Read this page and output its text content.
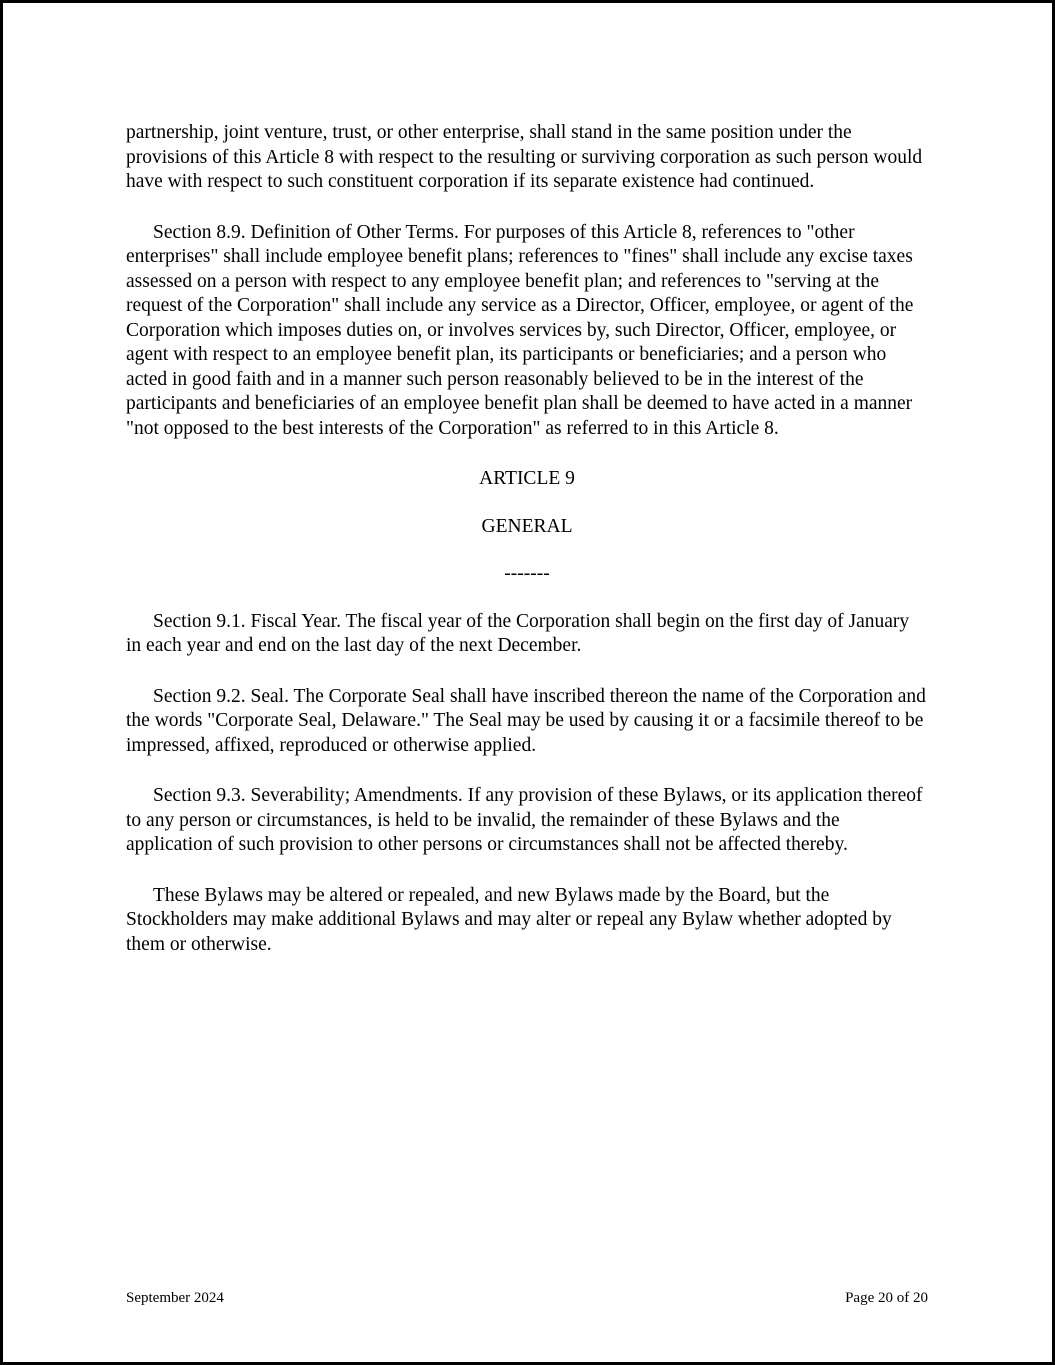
partnership, joint venture, trust, or other enterprise, shall stand in the same position under the provisions of this Article 8 with respect to the resulting or surviving corporation as such person would have with respect to such constituent corporation if its separate existence had continued.

Section 8.9. Definition of Other Terms. For purposes of this Article 8, references to "other enterprises" shall include employee benefit plans; references to "fines" shall include any excise taxes assessed on a person with respect to any employee benefit plan; and references to "serving at the request of the Corporation" shall include any service as a Director, Officer, employee, or agent of the Corporation which imposes duties on, or involves services by, such Director, Officer, employee, or agent with respect to an employee benefit plan, its participants or beneficiaries; and a person who acted in good faith and in a manner such person reasonably believed to be in the interest of the participants and beneficiaries of an employee benefit plan shall be deemed to have acted in a manner "not opposed to the best interests of the Corporation" as referred to in this Article 8.

ARTICLE 9

GENERAL

-------

Section 9.1. Fiscal Year. The fiscal year of the Corporation shall begin on the first day of January in each year and end on the last day of the next December.

Section 9.2. Seal. The Corporate Seal shall have inscribed thereon the name of the Corporation and the words "Corporate Seal, Delaware." The Seal may be used by causing it or a facsimile thereof to be impressed, affixed, reproduced or otherwise applied.

Section 9.3. Severability; Amendments. If any provision of these Bylaws, or its application thereof to any person or circumstances, is held to be invalid, the remainder of these Bylaws and the application of such provision to other persons or circumstances shall not be affected thereby.

These Bylaws may be altered or repealed, and new Bylaws made by the Board, but the Stockholders may make additional Bylaws and may alter or repeal any Bylaw whether adopted by them or otherwise.

September 2024	Page 20 of 20
